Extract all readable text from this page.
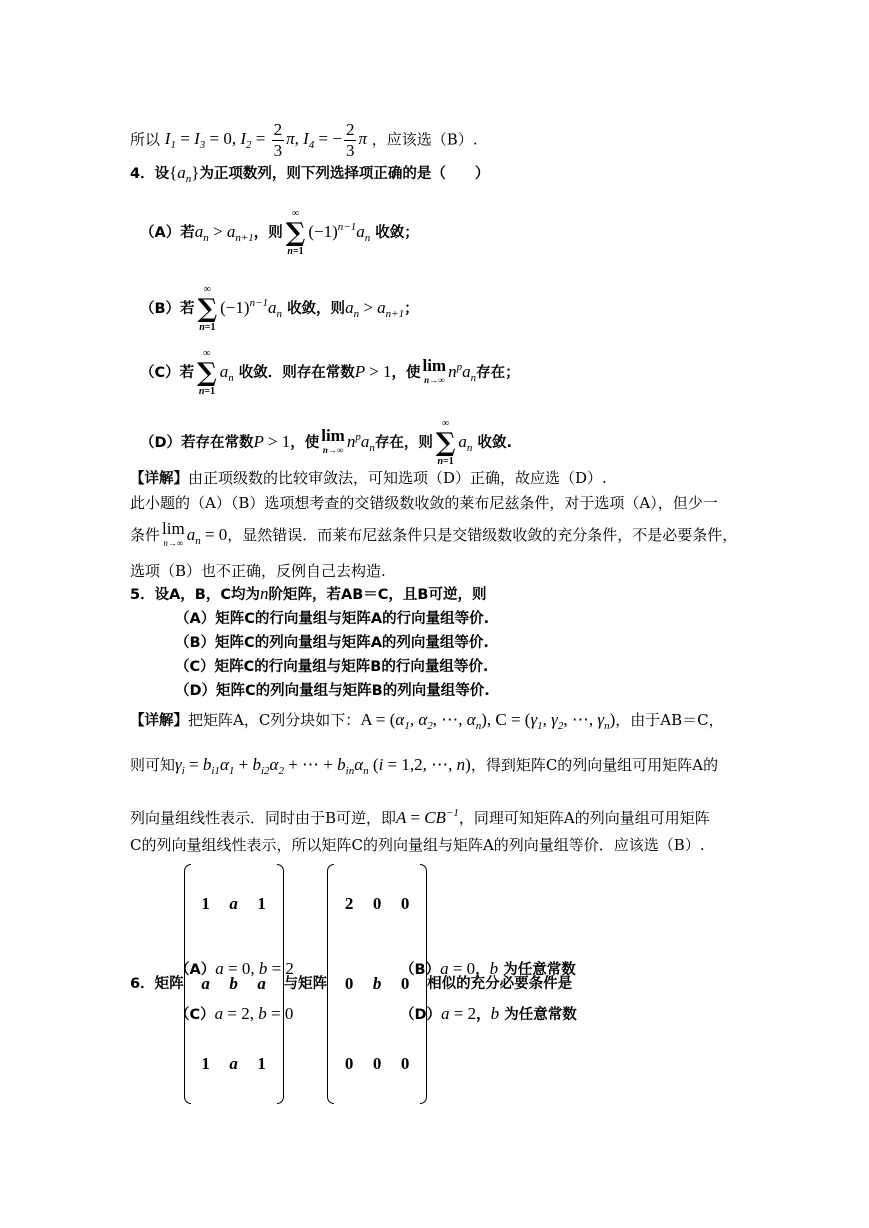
所以 $I_1 = I_3 = 0$, $I_2 = \frac{2}{3} \pi$, $I_4$ = − $\frac{2}{3}$ π ，应该选（B）.
4．设$\{a_n\}$为正项数列，则下列选择项正确的是（　　）
（A）若$a_n > a_{n+1}$，则
∞
∑
n=1
$(-1)^{n-1}a_n$ 收敛；
（B）若
∞
∑
n=1
$(-1)^{n-1}a_n$ 收敛，则$a_n > a_{n+1}$；
（C）若
∞
∑
n=1
$a_n$ 收敛．则存在常数P > 1，使 lim
n→∞ $n^pa_n$存在；
（D）若存在常数P > 1，使 lim
n→∞ $n^pa_n$存在，则
∞
∑
n=1
$a_n$ 收敛.
【详解】由正项级数的比较审敛法，可知选项（D）正确，故应选（D）.
此小题的（A）（B）选项想考查的交错级数收敛的莱布尼兹条件，对于选项（A），但少一
条件 lim
n→∞ $a_n = 0$，显然错误．而莱布尼兹条件只是交错级数收敛的充分条件，不是必要条件，
选项（B）也不正确，反例自己去构造.
5．设A，B，C均为n阶矩阵，若AB＝C，且B可逆，则
（A）矩阵C的行向量组与矩阵A的行向量组等价.
（B）矩阵C的列向量组与矩阵A的列向量组等价.
（C）矩阵C的行向量组与矩阵B的行向量组等价.
（D）矩阵C的列向量组与矩阵B的列向量组等价.
【详解】把矩阵A，C列分块如下：$A = (\alpha_1$, $\alpha_2$, ⋯, $\alpha_n$), $C = (\gamma_1$, $\gamma_2$, ⋯, $\gamma_n$)，由于AB＝C，
则可知$\gamma_i = b_{i1}\alpha_1 + b_{i2}\alpha_2$ + ⋯ + $b_{in}\alpha_n$ (i = 1,2, ⋯, n)，得到矩阵C的列向量组可用矩阵A的
列向量组线性表示．同时由于B可逆，即$A = CB^{-1}$，同理可知矩阵A的列向量组可用矩阵
C的列向量组线性表示，所以矩阵C的列向量组与矩阵A的列向量组等价．应该选（B）.
6．矩阵
1	a	1
a	b	a
1	a	1
与矩阵
2	0	0
0	b	0
0	0	0
相似的充分必要条件是
（A）a = 0, b = 2	（B）a = 0，b 为任意常数
（C）a = 2, b = 0	（D）a = 2，b 为任意常数
